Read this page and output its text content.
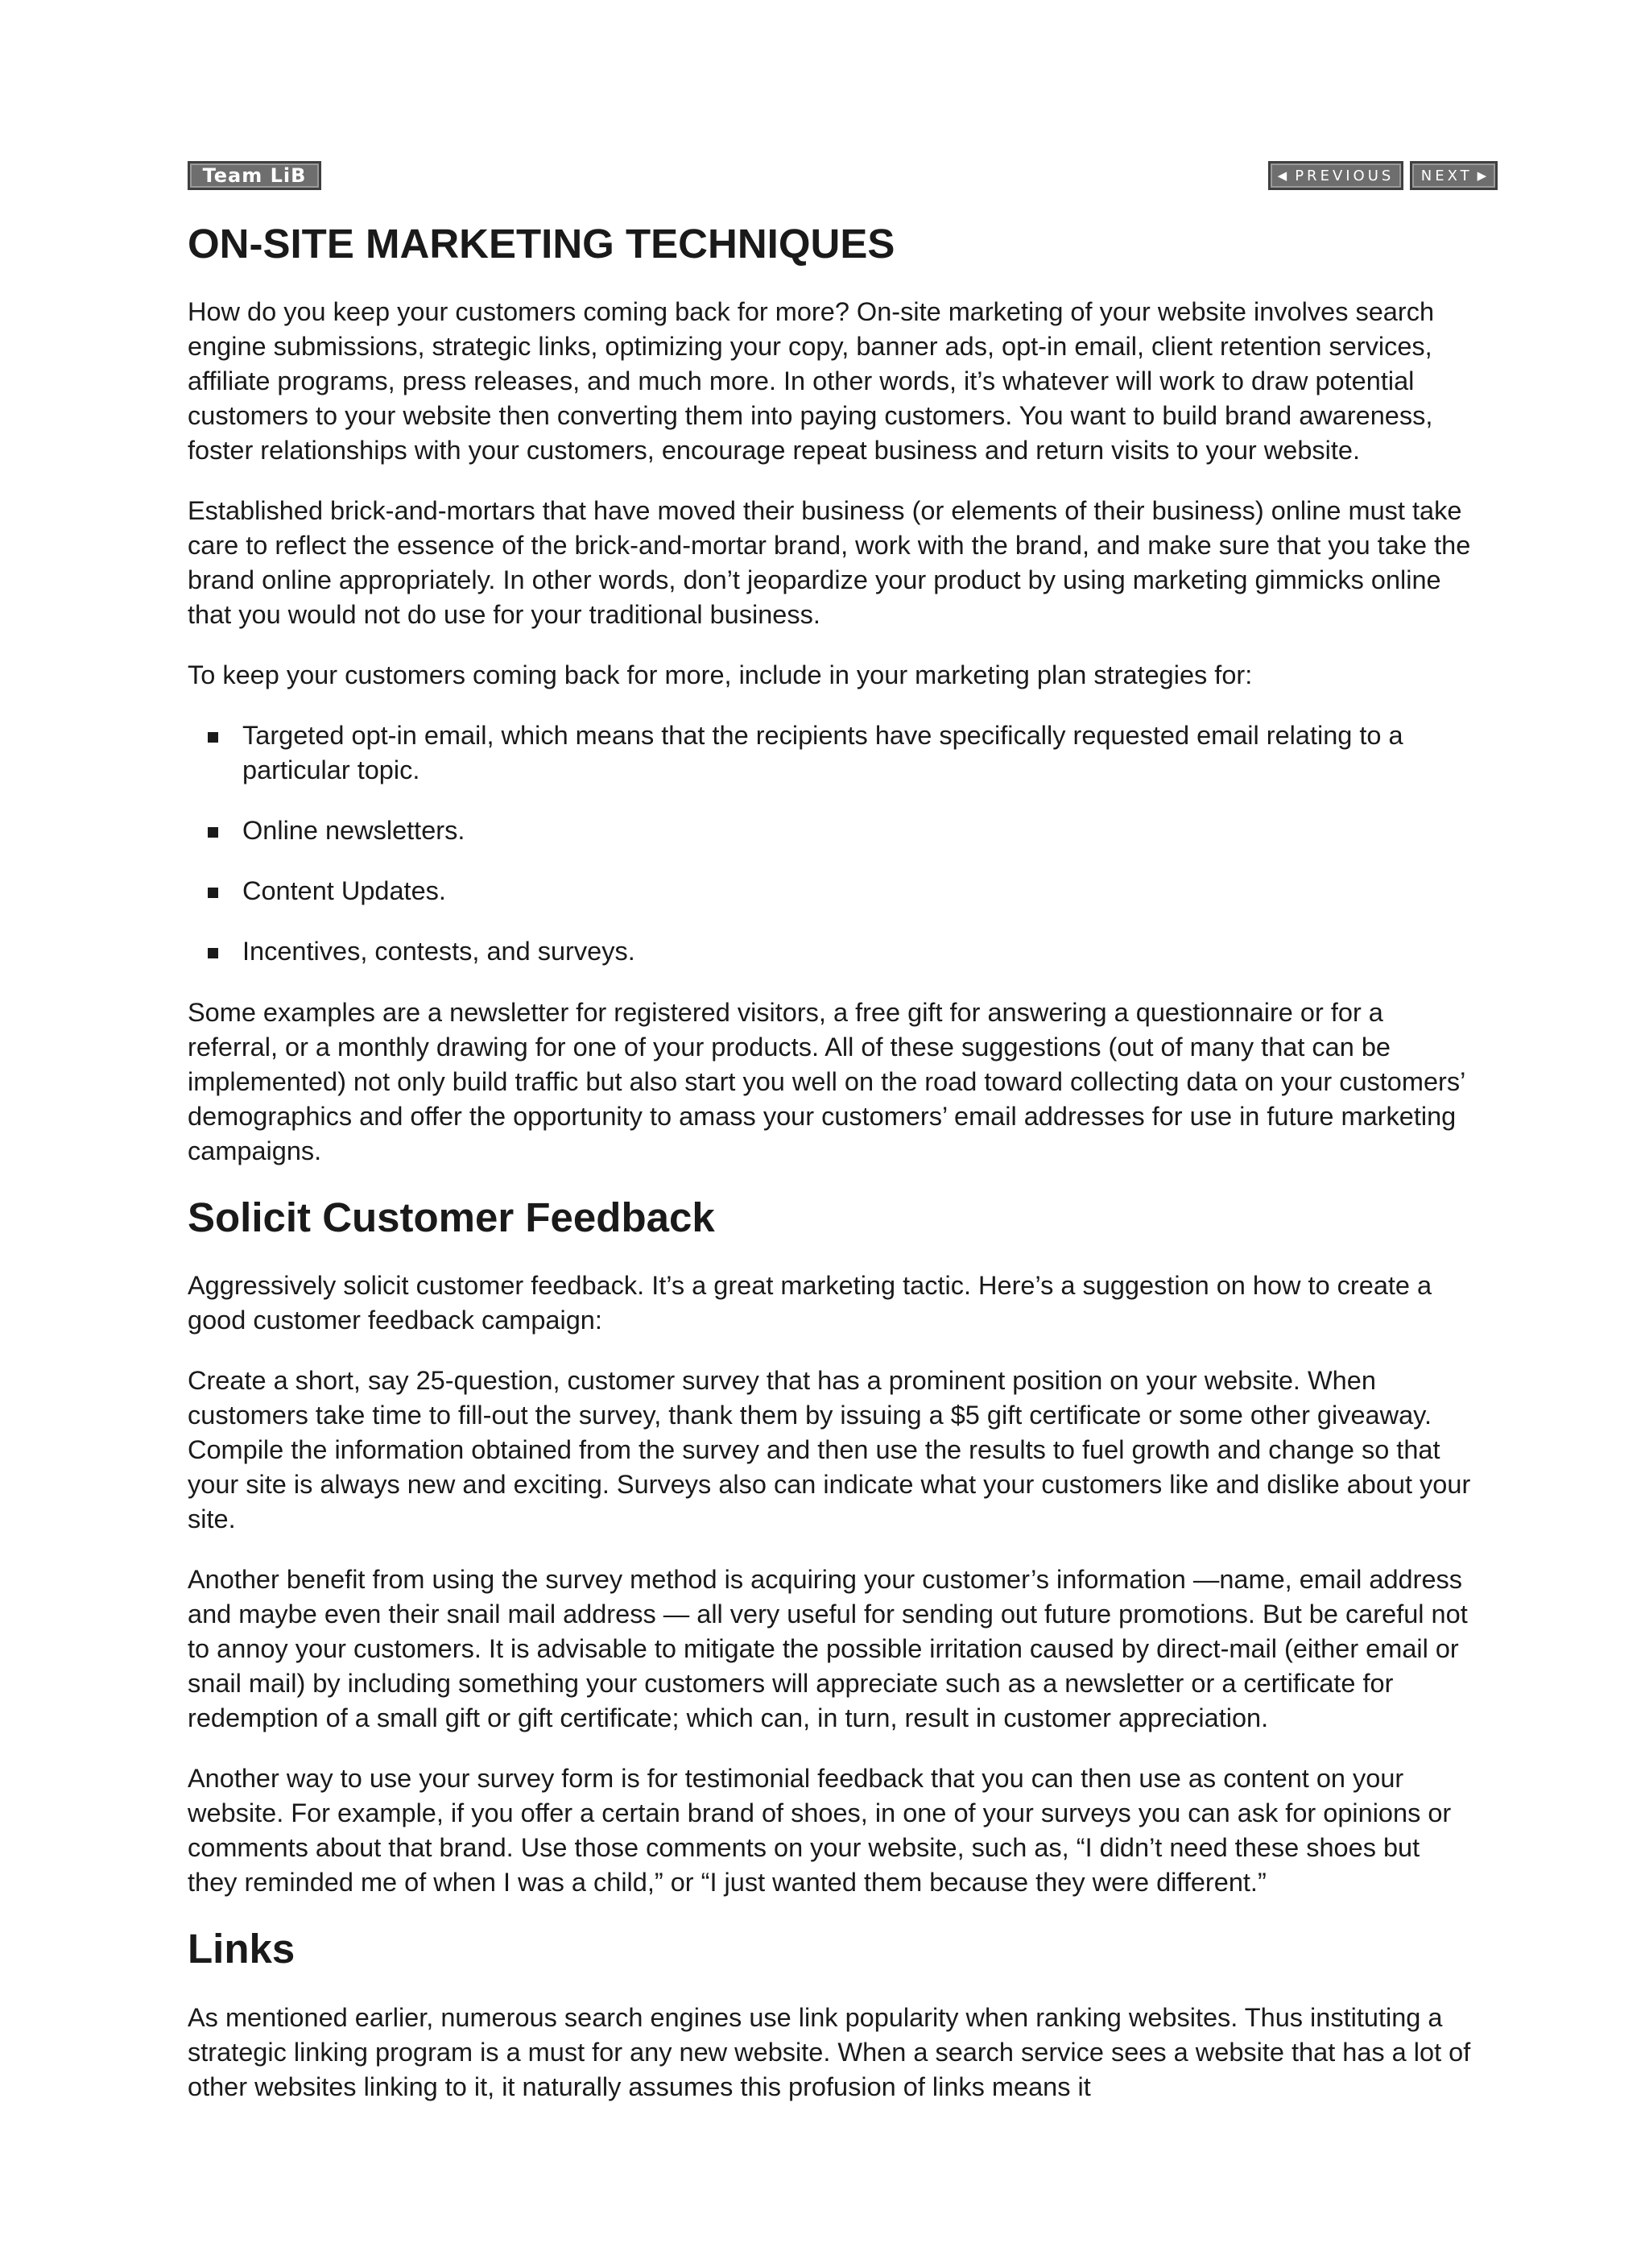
Team LiB	◀ PREVIOUS NEXT ▶
ON-SITE MARKETING TECHNIQUES

How do you keep your customers coming back for more? On-site marketing of your website involves search engine submissions, strategic links, optimizing your copy, banner ads, opt-in email, client retention services, affiliate programs, press releases, and much more. In other words, it’s whatever will work to draw potential customers to your website then converting them into paying customers. You want to build brand awareness, foster relationships with your customers, encourage repeat business and return visits to your website.

Established brick-and-mortars that have moved their business (or elements of their business) online must take care to reflect the essence of the brick-and-mortar brand, work with the brand, and make sure that you take the brand online appropriately. In other words, don’t jeopardize your product by using marketing gimmicks online that you would not do use for your traditional business.

To keep your customers coming back for more, include in your marketing plan strategies for:

Targeted opt-in email, which means that the recipients have specifically requested email relating to a particular topic.
Online newsletters.
Content Updates.
Incentives, contests, and surveys.

Some examples are a newsletter for registered visitors, a free gift for answering a questionnaire or for a referral, or a monthly drawing for one of your products. All of these suggestions (out of many that can be implemented) not only build traffic but also start you well on the road toward collecting data on your customers’ demographics and offer the opportunity to amass your customers’ email addresses for use in future marketing campaigns.

Solicit Customer Feedback

Aggressively solicit customer feedback. It’s a great marketing tactic. Here’s a suggestion on how to create a good customer feedback campaign:

Create a short, say 25-question, customer survey that has a prominent position on your website. When customers take time to fill-out the survey, thank them by issuing a $5 gift certificate or some other giveaway. Compile the information obtained from the survey and then use the results to fuel growth and change so that your site is always new and exciting. Surveys also can indicate what your customers like and dislike about your site.

Another benefit from using the survey method is acquiring your customer’s information —name, email address and maybe even their snail mail address — all very useful for sending out future promotions. But be careful not to annoy your customers. It is advisable to mitigate the possible irritation caused by direct-mail (either email or snail mail) by including something your customers will appreciate such as a newsletter or a certificate for redemption of a small gift or gift certificate; which can, in turn, result in customer appreciation.

Another way to use your survey form is for testimonial feedback that you can then use as content on your website. For example, if you offer a certain brand of shoes, in one of your surveys you can ask for opinions or comments about that brand. Use those comments on your website, such as, “I didn’t need these shoes but they reminded me of when I was a child,” or “I just wanted them because they were different.”

Links

As mentioned earlier, numerous search engines use link popularity when ranking websites. Thus instituting a strategic linking program is a must for any new website. When a search service sees a website that has a lot of other websites linking to it, it naturally assumes this profusion of links means it
